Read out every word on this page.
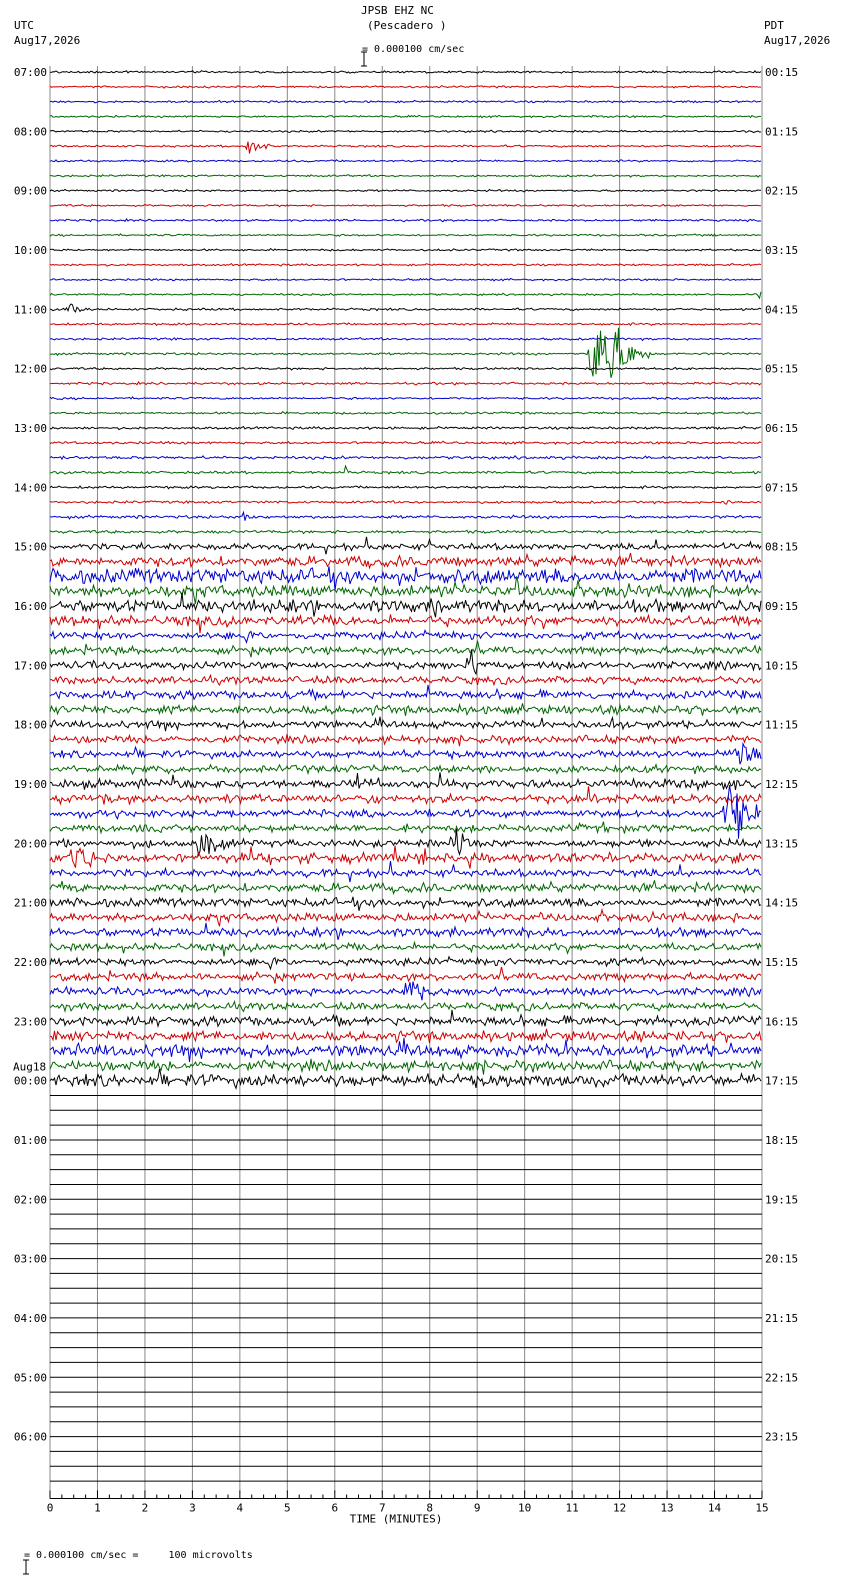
JPSB EHZ NC
(Pescadero )
UTC
Aug17,2026
PDT
Aug17,2026

= 0.000100 cm/sec

= 0.000100 cm/sec =     100 microvolts
0	1	2	3	4	5	6	7	8	9	10	11	12	13	14	15
TIME (MINUTES)
07:00
08:00
09:00
10:00
11:00
12:00
13:00
14:00
15:00
16:00
17:00
18:00
19:00
20:00
21:00
22:00
23:00
00:00
01:00
02:00
03:00
04:00
05:00
06:00
Aug18
00:15
01:15
02:15
03:15
04:15
05:15
06:15
07:15
08:15
09:15
10:15
11:15
12:15
13:15
14:15
15:15
16:15
17:15
18:15
19:15
20:15
21:15
22:15
23:15
